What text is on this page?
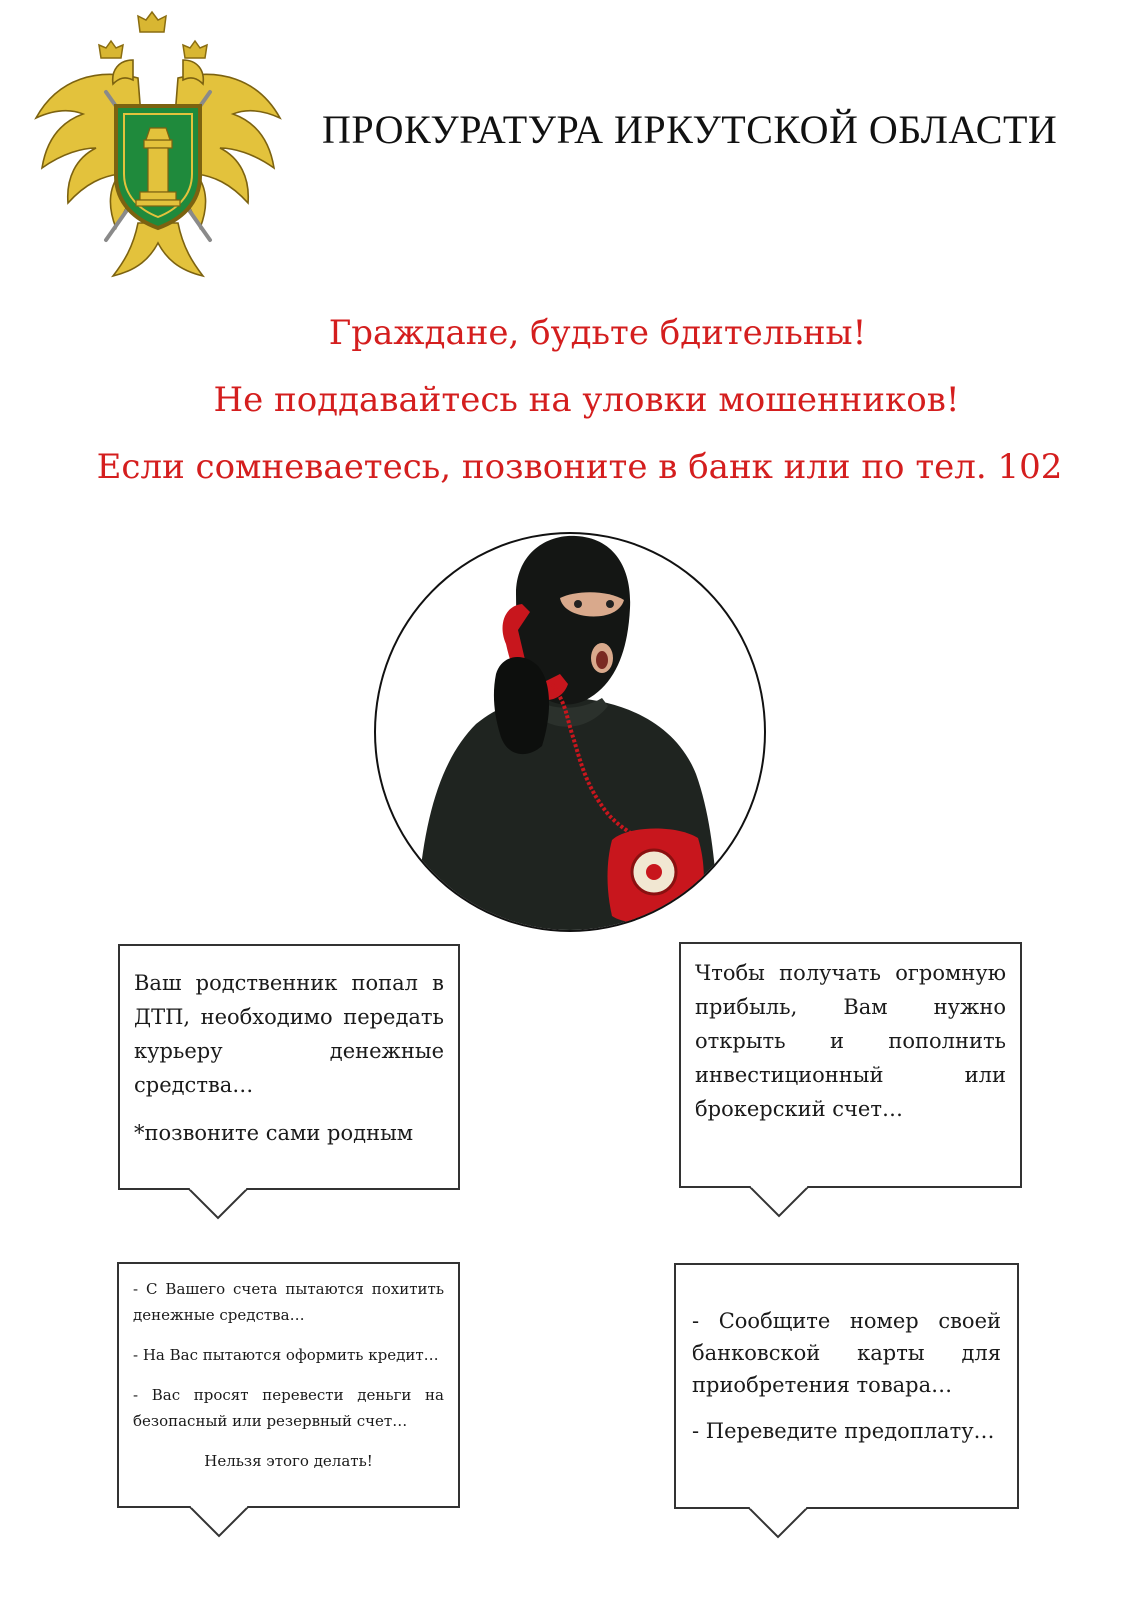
ПРОКУРАТУРА ИРКУТСКОЙ ОБЛАСТИ
Граждане, будьте бдительны!
Не поддавайтесь на уловки мошенников!
Если сомневаетесь, позвоните в банк или по тел. 102

Ваш родственник попал в ДТП, необходимо передать курьеру денежные средства…

*позвоните сами родным

Чтобы получать огромную прибыль, Вам нужно открыть и пополнить инвестиционный или брокерский счет…

- С Вашего счета пытаются похитить денежные средства…

- На Вас пытаются оформить кредит…

- Вас просят перевести деньги на безопасный или резервный счет…

Нельзя этого делать!

- Сообщите номер своей банковской карты для приобретения товара…

- Переведите предоплату…
